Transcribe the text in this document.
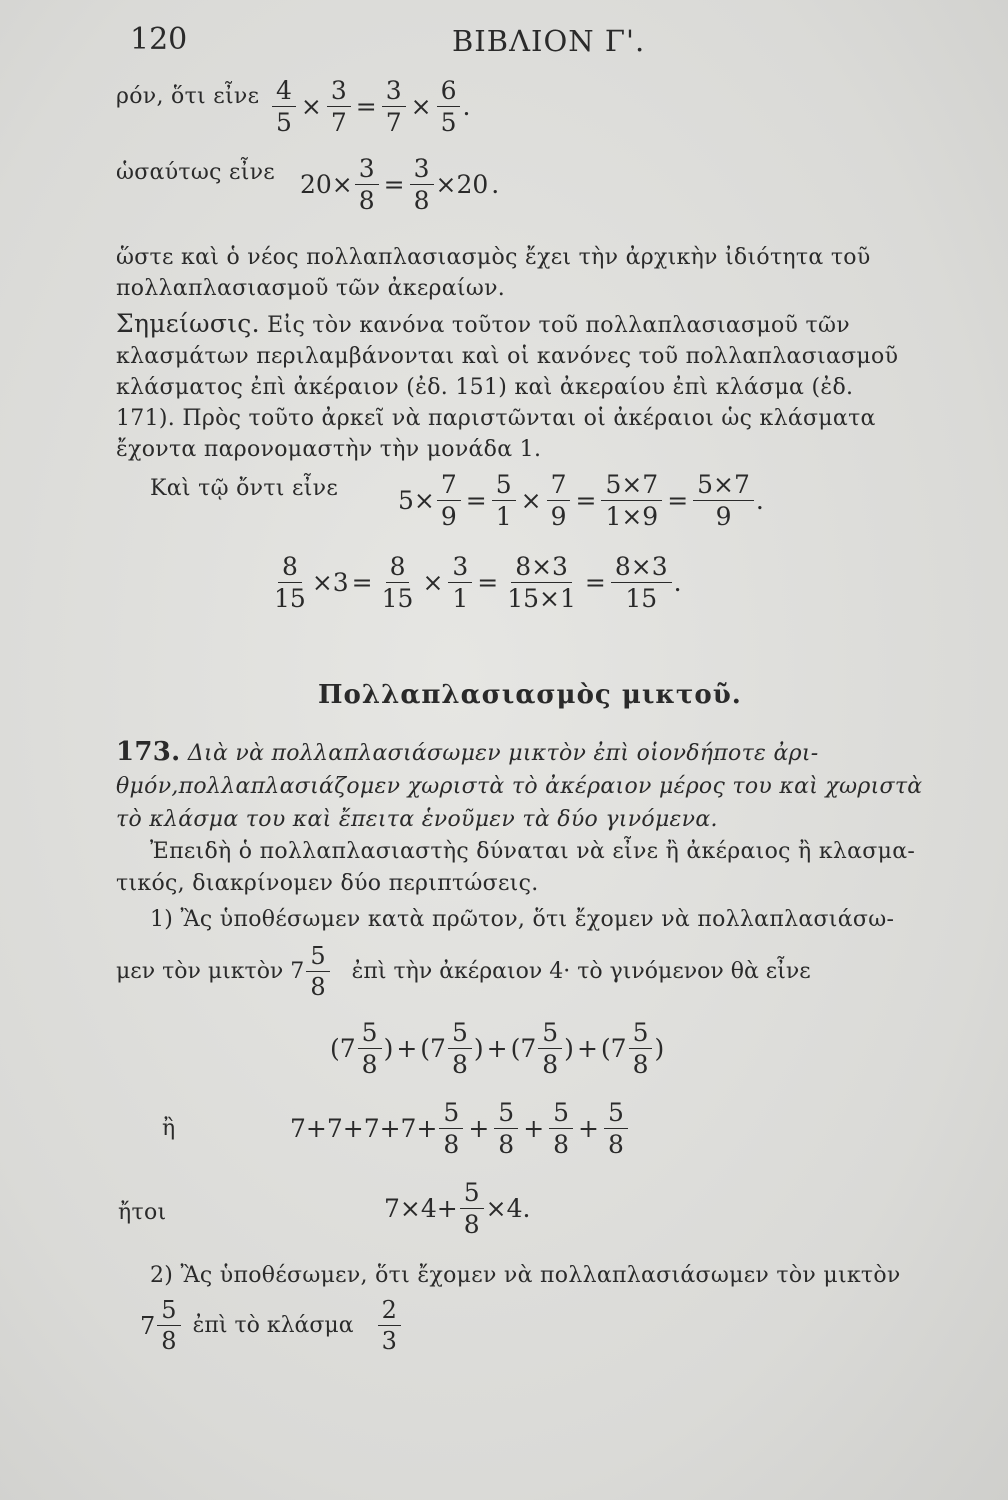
120	ΒΙΒΛΙΟΝ Γ'.
ρόν, ὅτι εἶνε $\frac{4}{5} \times \frac{3}{7} = \frac{3}{7} \times \frac{6}{5}$ .
ὡσαύτως εἶνε $20\times \frac{3}{8} = \frac{3}{8} \times 20$ .
ὥστε καὶ ὁ νέος πολλαπλασιασμὸς ἔχει τὴν ἀρχικὴν ἰδιότητα τοῦ
πολλαπλασιασμοῦ τῶν ἀκεραίων.
Σημείωσις. Εἰς τὸν κανόνα τοῦτον τοῦ πολλαπλασιασμοῦ τῶν
κλασμάτων περιλαμβάνονται καὶ οἱ κανόνες τοῦ πολλαπλασιασμοῦ
κλάσματος ἐπὶ ἀκέραιον (ἐδ. 151) καὶ ἀκεραίου ἐπὶ κλάσμα (ἐδ.
171). Πρὸς τοῦτο ἀρκεῖ νὰ παριστῶνται οἱ ἀκέραιοι ὡς κλάσματα
ἔχοντα παρονομαστὴν τὴν μονάδα 1.
Καὶ τῷ ὄντι εἶνε $5\times \frac{7}{9} = \frac{5}{1} \times \frac{7}{9} = \frac{5\times 7}{1\times 9} = \frac{5\times 7}{9}$ .
$\frac{8}{15} \times 3 = \frac{8}{15} \times \frac{3}{1} = \frac{8\times 3}{15\times 1} = \frac{8\times 3}{15}$ .
Πολλαπλασιασμὸς μικτοῦ.
173. Διὰ νὰ πολλαπλασιάσωμεν μικτὸν ἐπὶ οἱονδήποτε ἀρι-
θμόν,πολλαπλασιάζομεν χωριστὰ τὸ ἀκέραιον μέρος του καὶ χωριστὰ
τὸ κλάσμα του καὶ ἔπειτα ἑνοῦμεν τὰ δύο γινόμενα.
Ἐπειδὴ ὁ πολλαπλασιαστὴς δύναται νὰ εἶνε ἢ ἀκέραιος ἢ κλασμα-
τικός, διακρίνομεν δύο περιπτώσεις.
1) Ἂς ὑποθέσωμεν κατὰ πρῶτον, ὅτι ἔχομεν νὰ πολλαπλασιάσω-
μεν τὸν μικτὸν $7 \frac{5}{8}$ ἐπὶ τὴν ἀκέραιον 4· τὸ γινόμενον θὰ εἶνε
($7 \frac{5}{8}$ ) + ($7 \frac{5}{8}$ ) + ($7 \frac{5}{8}$ ) + ($7 \frac{5}{8}$ )
ἢ	$7+7+7+7+ \frac{5}{8} + \frac{5}{8} + \frac{5}{8} + \frac{5}{8}$
ἤτοι	$7\times 4+ \frac{5}{8} \times 4$.
2) Ἂς ὑποθέσωμεν, ὅτι ἔχομεν νὰ πολλαπλασιάσωμεν τὸν μικτὸν
$7 \frac{5}{8}$ ἐπὶ τὸ κλάσμα $\frac{2}{3}$
